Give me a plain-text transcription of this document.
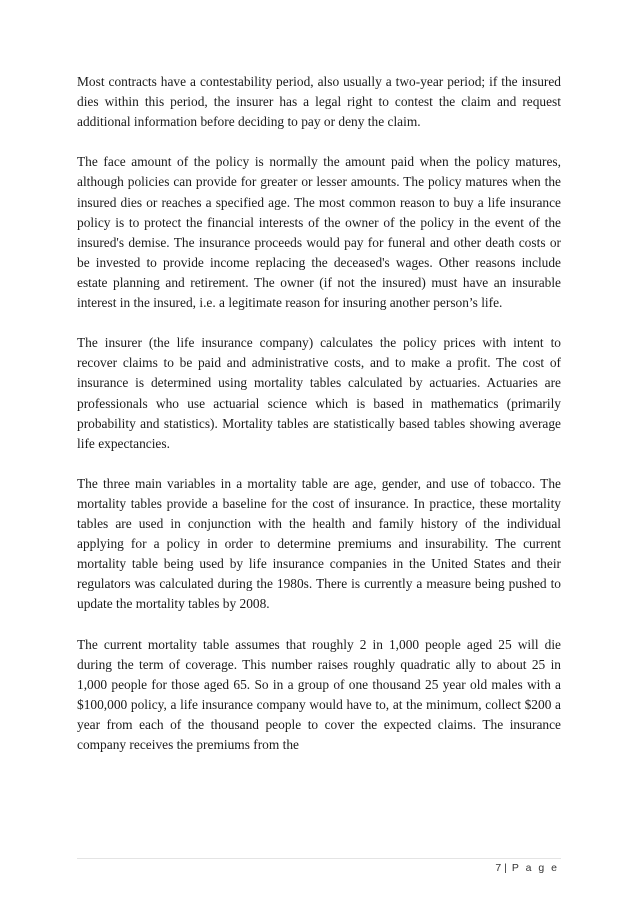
Most contracts have a contestability period, also usually a two-year period; if the insured dies within this period, the insurer has a legal right to contest the claim and request additional information before deciding to pay or deny the claim.

The face amount of the policy is normally the amount paid when the policy matures, although policies can provide for greater or lesser amounts. The policy matures when the insured dies or reaches a specified age. The most common reason to buy a life insurance policy is to protect the financial interests of the owner of the policy in the event of the insured's demise. The insurance proceeds would pay for funeral and other death costs or be invested to provide income replacing the deceased's wages. Other reasons include estate planning and retirement. The owner (if not the insured) must have an insurable interest in the insured, i.e. a legitimate reason for insuring another person’s life.

The insurer (the life insurance company) calculates the policy prices with intent to recover claims to be paid and administrative costs, and to make a profit. The cost of insurance is determined using mortality tables calculated by actuaries. Actuaries are professionals who use actuarial science which is based in mathematics (primarily probability and statistics). Mortality tables are statistically based tables showing average life expectancies.

The three main variables in a mortality table are age, gender, and use of tobacco. The mortality tables provide a baseline for the cost of insurance. In practice, these mortality tables are used in conjunction with the health and family history of the individual applying for a policy in order to determine premiums and insurability. The current mortality table being used by life insurance companies in the United States and their regulators was calculated during the 1980s. There is currently a measure being pushed to update the mortality tables by 2008.

The current mortality table assumes that roughly 2 in 1,000 people aged 25 will die during the term of coverage. This number raises roughly quadratic ally to about 25 in 1,000 people for those aged 65. So in a group of one thousand 25 year old males with a $100,000 policy, a life insurance company would have to, at the minimum, collect $200 a year from each of the thousand people to cover the expected claims. The insurance company receives the premiums from the

7 | P a g e
